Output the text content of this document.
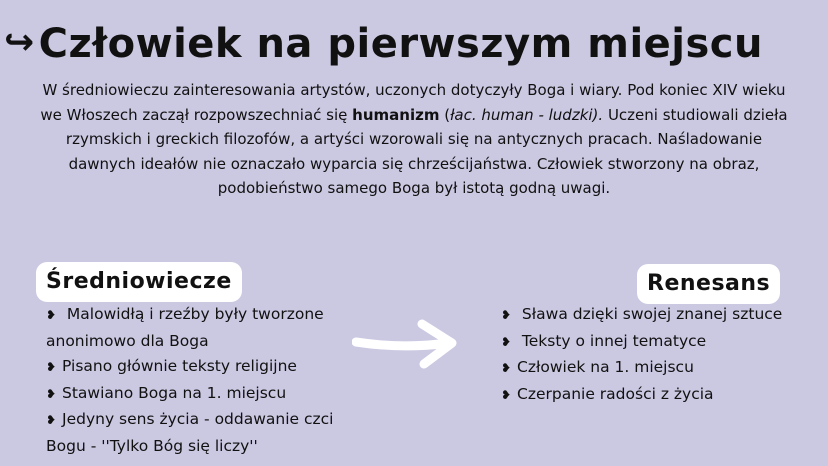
↪ Człowiek na pierwszym miejscu
W średniowieczu zainteresowania artystów, uczonych dotyczyły Boga i wiary. Pod koniec XIV wieku we Włoszech zaczął rozpowszechniać się humanizm (łac. human - ludzki). Uczeni studiowali dzieła rzymskich i greckich filozofów, a artyści wzorowali się na antycznych pracach. Naśladowanie dawnych ideałów nie oznaczało wyparcia się chrześcijaństwa. Człowiek stworzony na obraz, podobieństwo samego Boga był istotą godną uwagi.
Średniowiecze	Renesans
❥ Malowidłą i rzeźby były tworzone anonimowo dla Boga
❥ Pisano głównie teksty religijne
❥ Stawiano Boga na 1. miejscu
❥ Jedyny sens życia - oddawanie czci Bogu - ''Tylko Bóg się liczy''
❥ Sława dzięki swojej znanej sztuce
❥ Teksty o innej tematyce
❥ Człowiek na 1. miejscu
❥ Czerpanie radości z życia
